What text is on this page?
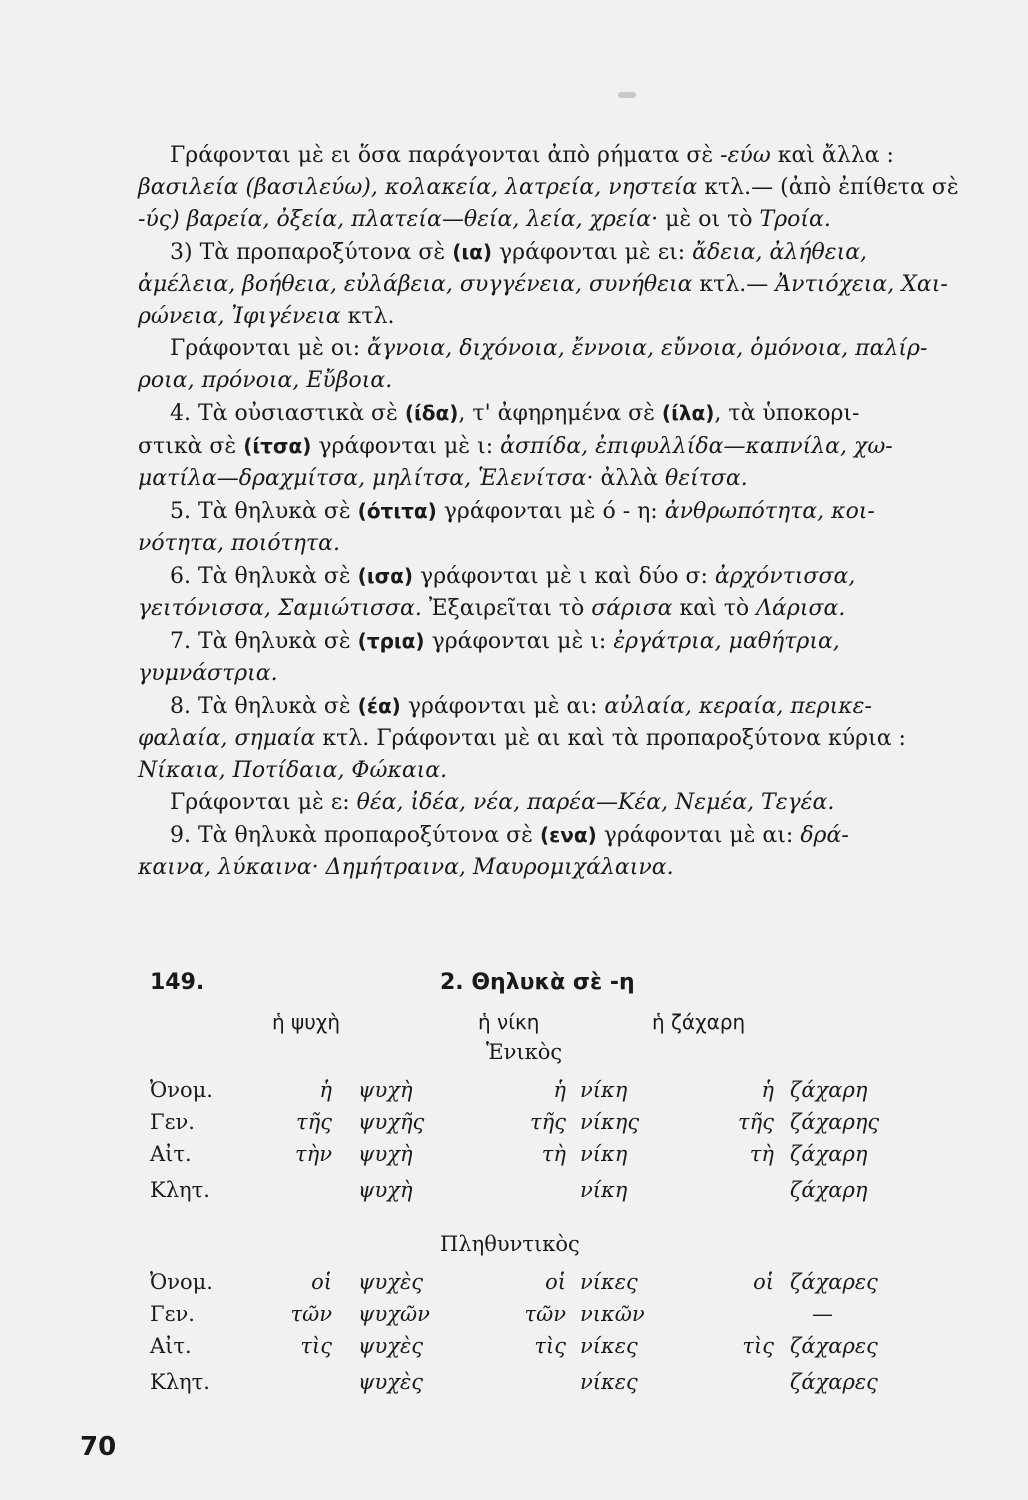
Γράφονται μὲ ει ὅσα παράγονται ἀπὸ ρήματα σὲ -εύω καὶ ἄλλα :
βασιλεία (βασιλεύω), κολακεία, λατρεία, νηστεία κτλ.— (ἀπὸ ἐπίθετα σὲ
-ύς) βαρεία, ὀξεία, πλατεία—θεία, λεία, χρεία· μὲ οι τὸ Τροία.
3) Τὰ προπαροξύτονα σὲ (ια) γράφονται μὲ ει: ἄδεια, ἀλήθεια,
ἀμέλεια, βοήθεια, εὐλάβεια, συγγένεια, συνήθεια κτλ.— Ἀντιόχεια, Χαι-
ρώνεια, Ἰφιγένεια κτλ.
Γράφονται μὲ οι: ἄγνοια, διχόνοια, ἔννοια, εὔνοια, ὁμόνοια, παλίρ-
ροια, πρόνοια, Εὔβοια.
4. Τὰ οὐσιαστικὰ σὲ (ίδα), τ' ἀφηρημένα σὲ (ίλα), τὰ ὑποκορι-
στικὰ σὲ (ίτσα) γράφονται μὲ ι: ἀσπίδα, ἐπιφυλλίδα—καπνίλα, χω-
ματίλα—δραχμίτσα, μηλίτσα, Ἑλενίτσα· ἀλλὰ θείτσα.
5. Τὰ θηλυκὰ σὲ (ότιτα) γράφονται μὲ ό - η: ἀνθρωπότητα, κοι-
νότητα, ποιότητα.
6. Τὰ θηλυκὰ σὲ (ισα) γράφονται μὲ ι καὶ δύο σ: ἀρχόντισσα,
γειτόνισσα, Σαμιώτισσα. Ἐξαιρεῖται τὸ σάρισα καὶ τὸ Λάρισα.
7. Τὰ θηλυκὰ σὲ (τρια) γράφονται μὲ ι: ἐργάτρια, μαθήτρια,
γυμνάστρια.
8. Τὰ θηλυκὰ σὲ (έα) γράφονται μὲ αι: αὐλαία, κεραία, περικε-
φαλαία, σημαία κτλ. Γράφονται μὲ αι καὶ τὰ προπαροξύτονα κύρια :
Νίκαια, Ποτίδαια, Φώκαια.
Γράφονται μὲ ε: θέα, ἰδέα, νέα, παρέα—Κέα, Νεμέα, Τεγέα.
9. Τὰ θηλυκὰ προπαροξύτονα σὲ (ενα) γράφονται μὲ αι: δρά-
καινα, λύκαινα· Δημήτραινα, Μαυρομιχάλαινα.
149.	2. Θηλυκὰ σὲ -η
ἡ ψυχὴ	ἡ νίκη	ἡ ζάχαρη
Ἑνικὸς
Ὀνομ.	ἡ ψυχὴ	ἡ νίκη	ἡ ζάχαρη
Γεν.	τῆς ψυχῆς	τῆς νίκης	τῆς ζάχαρης
Αἰτ.	τὴν ψυχὴ	τὴ νίκη	τὴ ζάχαρη
Κλητ.	ψυχὴ	νίκη	ζάχαρη
Πληθυντικὸς
Ὀνομ.	οἱ ψυχὲς	οἱ νίκες	οἱ ζάχαρες
Γεν.	τῶν ψυχῶν	τῶν νικῶν	—
Αἰτ.	τὶς ψυχὲς	τὶς νίκες	τὶς ζάχαρες
Κλητ.	ψυχὲς	νίκες	ζάχαρες
70
